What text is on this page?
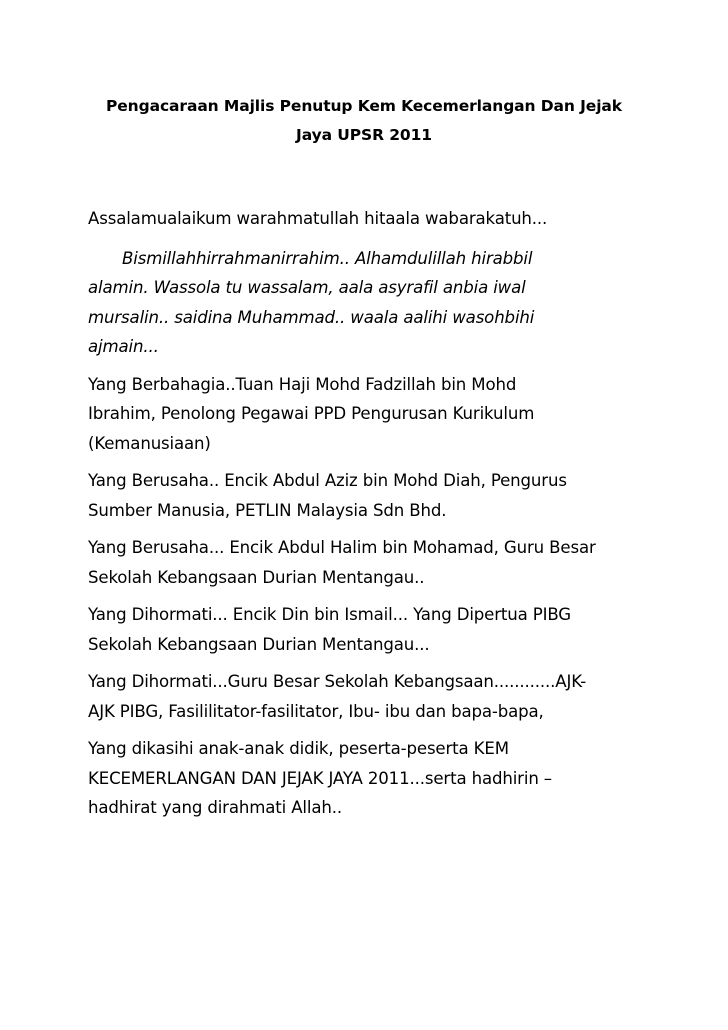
Pengacaraan Majlis Penutup Kem Kecemerlangan Dan Jejak
Jaya UPSR 2011
Assalamualaikum warahmatullah hitaala wabarakatuh...
Bismillahhirrahmanirrahim.. Alhamdulillah hirabbil
alamin. Wassola tu wassalam, aala asyrafil anbia iwal
mursalin.. saidina Muhammad.. waala aalihi wasohbihi
ajmain...
Yang Berbahagia..Tuan Haji Mohd Fadzillah bin Mohd
Ibrahim, Penolong Pegawai PPD Pengurusan Kurikulum
(Kemanusiaan)
Yang Berusaha.. Encik Abdul Aziz bin Mohd Diah, Pengurus
Sumber Manusia, PETLIN Malaysia Sdn Bhd.
Yang Berusaha... Encik Abdul Halim bin Mohamad, Guru Besar
Sekolah Kebangsaan Durian Mentangau..
Yang Dihormati... Encik Din bin Ismail... Yang Dipertua PIBG
Sekolah Kebangsaan Durian Mentangau...
Yang Dihormati...Guru Besar Sekolah Kebangsaan............AJK-
AJK PIBG, Fasililitator-fasilitator, Ibu- ibu dan bapa-bapa,
Yang dikasihi anak-anak didik, peserta-peserta KEM
KECEMERLANGAN DAN JEJAK JAYA 2011...serta hadhirin –
hadhirat yang dirahmati Allah..
